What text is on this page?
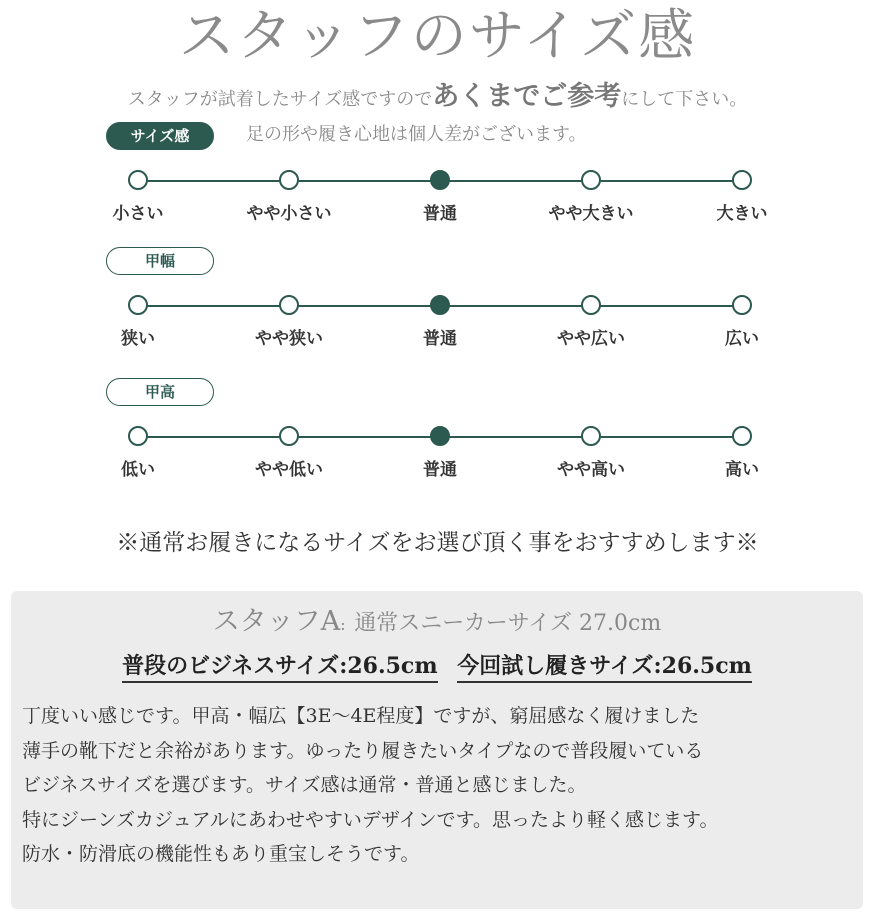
スタッフのサイズ感
スタッフが試着したサイズ感ですのであくまでご参考にして下さい。
足の形や履き心地は個人差がございます。
サイズ感
小さい	やや小さい	普通	やや大きい	大きい
甲幅
狭い	やや狭い	普通	やや広い	広い
甲高
低い	やや低い	普通	やや高い	高い
※通常お履きになるサイズをお選び頂く事をおすすめします※
スタッフA: 通常スニーカーサイズ 27.0cm
普段のビジネスサイズ:26.5cm 今回試し履きサイズ:26.5cm
丁度いい感じです。甲高・幅広【3E〜4E程度】ですが、窮屈感なく履けました
薄手の靴下だと余裕があります。ゆったり履きたいタイプなので普段履いている
ビジネスサイズを選びます。サイズ感は通常・普通と感じました。
特にジーンズカジュアルにあわせやすいデザインです。思ったより軽く感じます。
防水・防滑底の機能性もあり重宝しそうです。
